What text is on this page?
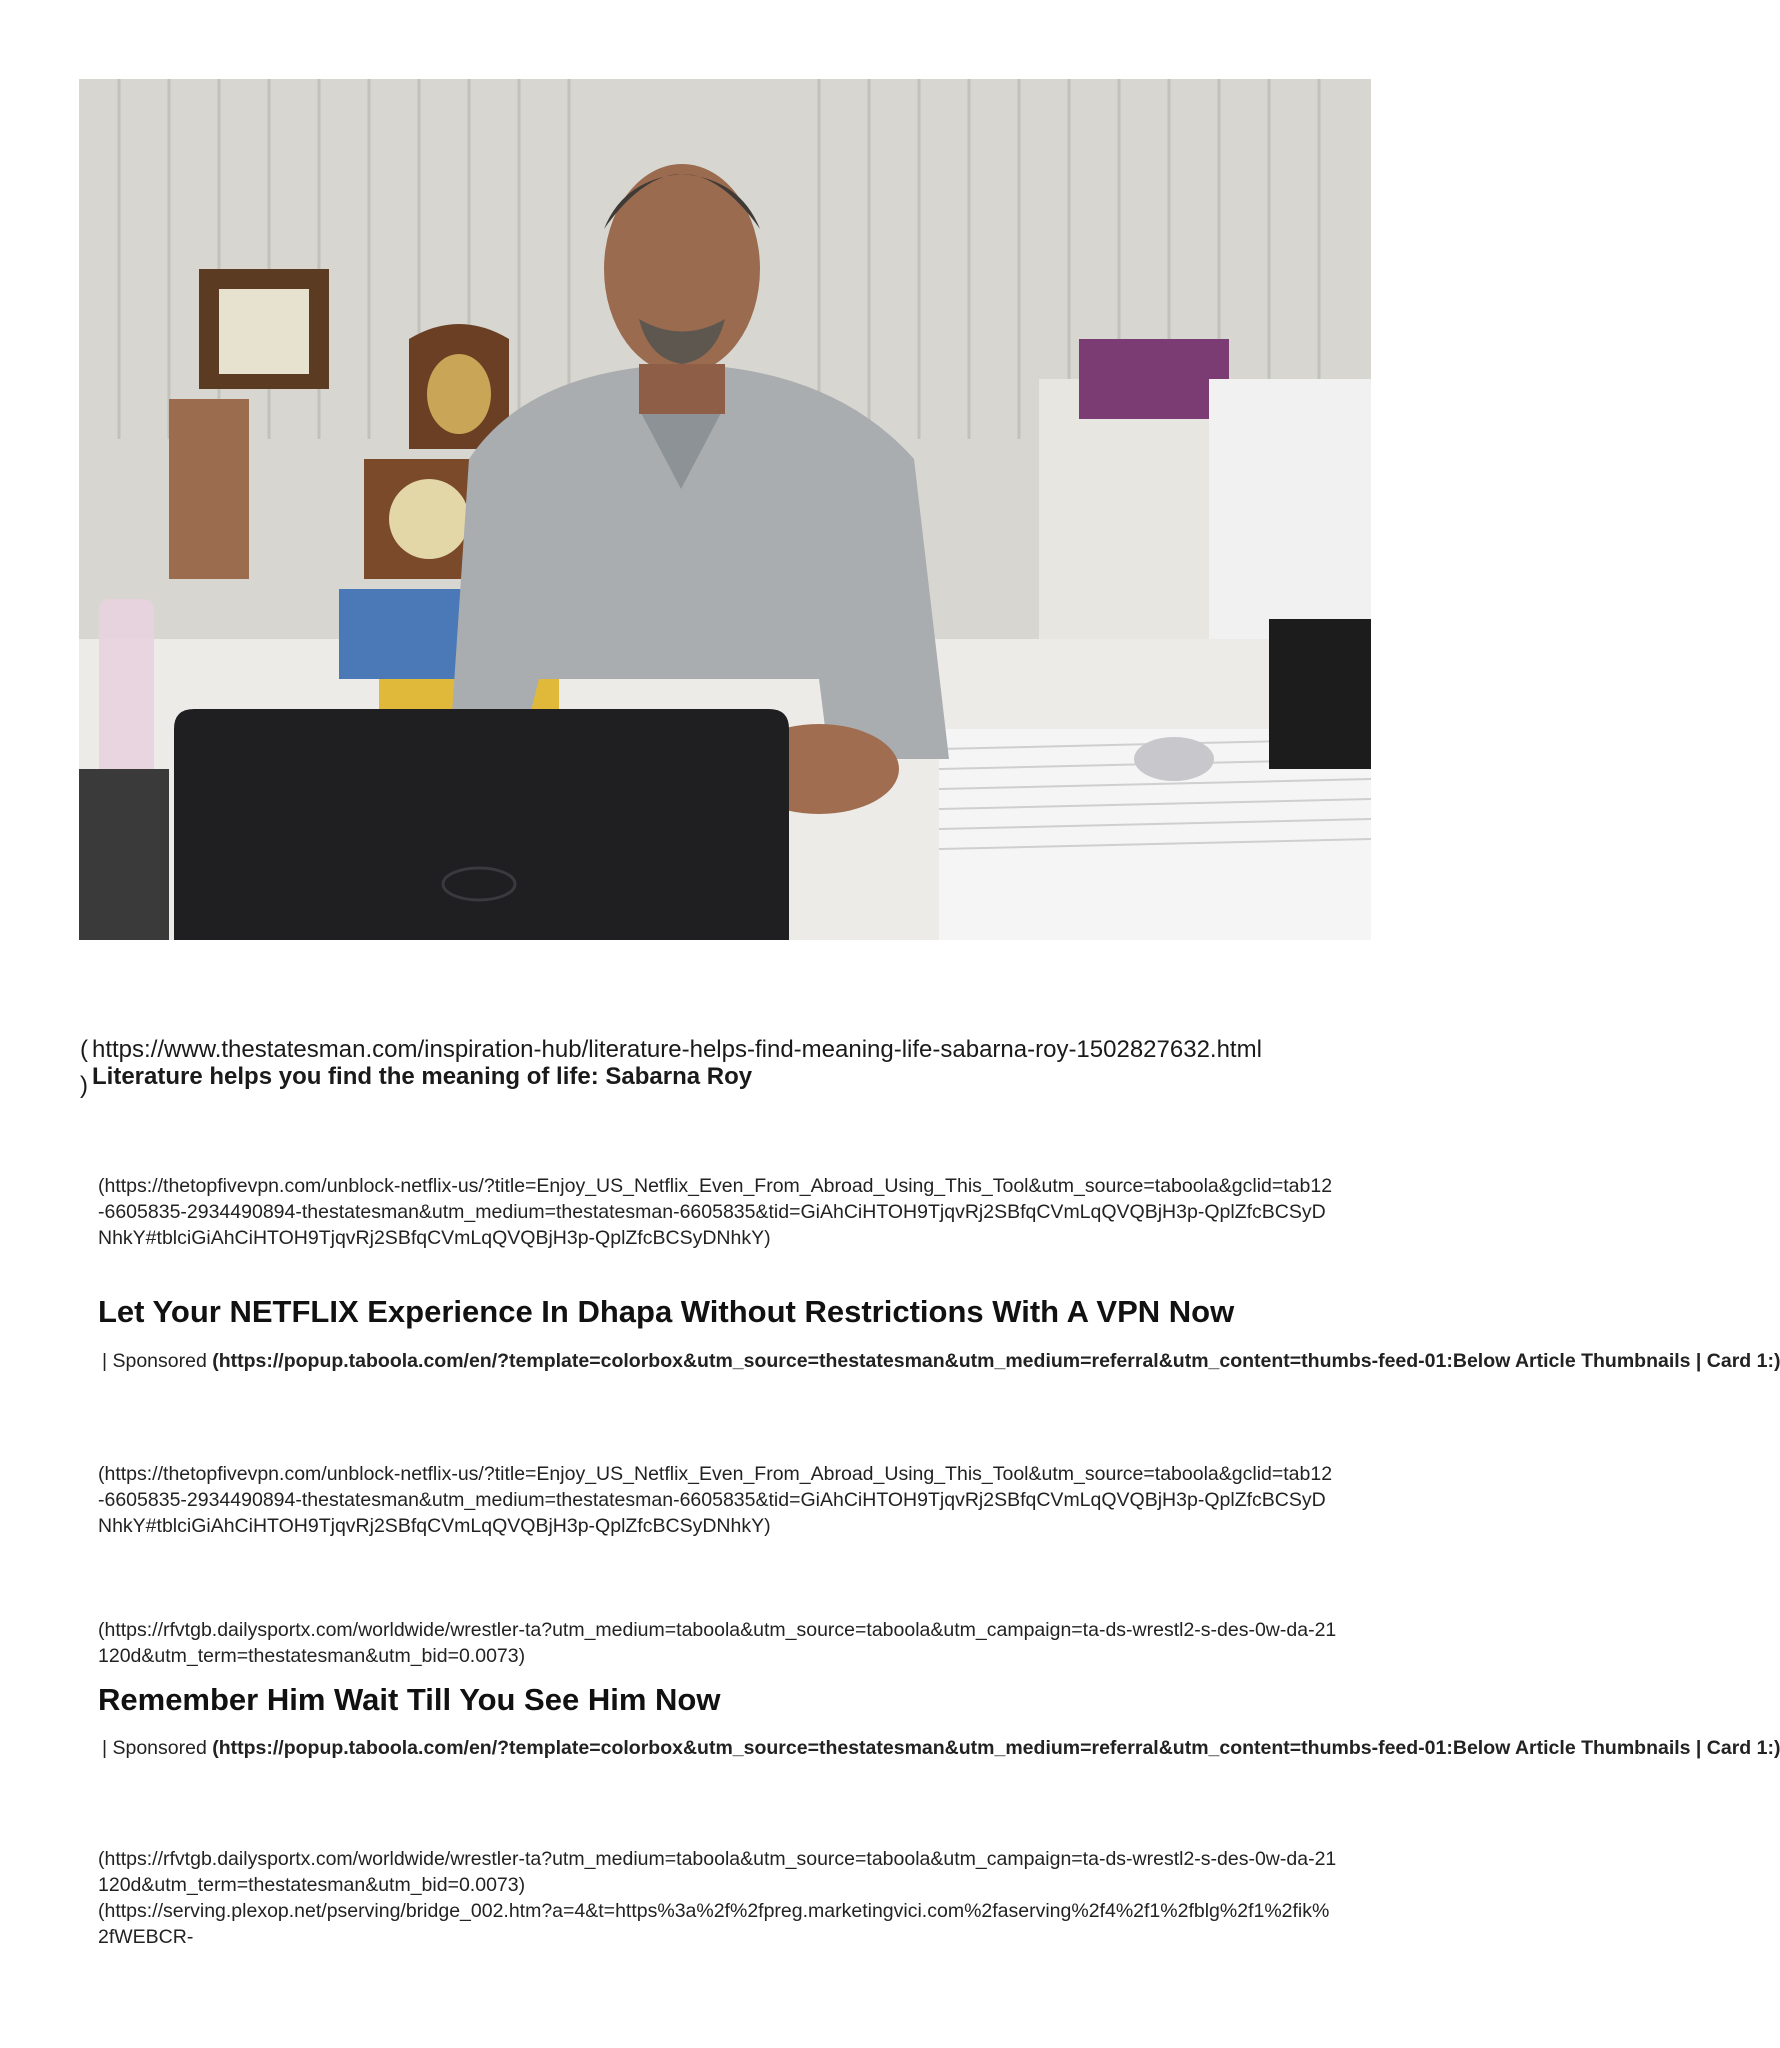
( https://www.thestatesman.com/inspiration-hub/literature-helps-find-meaning-life-sabarna-roy-1502827632.html
) Literature helps you find the meaning of life: Sabarna Roy

(https://thetopfivevpn.com/unblock-netflix-us/?title=Enjoy_US_Netflix_Even_From_Abroad_Using_This_Tool&utm_source=taboola&gclid=tab12-6605835-2934490894-thestatesman&utm_medium=thestatesman-6605835&tid=GiAhCiHTOH9TjqvRj2SBfqCVmLqQVQBjH3p-QplZfcBCSyDNhkY#tblciGiAhCiHTOH9TjqvRj2SBfqCVmLqQVQBjH3p-QplZfcBCSyDNhkY)

Let Your NETFLIX Experience In Dhapa Without Restrictions With A VPN Now
| Sponsored (https://popup.taboola.com/en/?template=colorbox&utm_source=thestatesman&utm_medium=referral&utm_content=thumbs-feed-01:Below Article Thumbnails | Card 1:)

(https://thetopfivevpn.com/unblock-netflix-us/?title=Enjoy_US_Netflix_Even_From_Abroad_Using_This_Tool&utm_source=taboola&gclid=tab12-6605835-2934490894-thestatesman&utm_medium=thestatesman-6605835&tid=GiAhCiHTOH9TjqvRj2SBfqCVmLqQVQBjH3p-QplZfcBCSyDNhkY#tblciGiAhCiHTOH9TjqvRj2SBfqCVmLqQVQBjH3p-QplZfcBCSyDNhkY)

(https://rfvtgb.dailysportx.com/worldwide/wrestler-ta?utm_medium=taboola&utm_source=taboola&utm_campaign=ta-ds-wrestl2-s-des-0w-da-21120d&utm_term=thestatesman&utm_bid=0.0073)

Remember Him Wait Till You See Him Now
| Sponsored (https://popup.taboola.com/en/?template=colorbox&utm_source=thestatesman&utm_medium=referral&utm_content=thumbs-feed-01:Below Article Thumbnails | Card 1:)

(https://rfvtgb.dailysportx.com/worldwide/wrestler-ta?utm_medium=taboola&utm_source=taboola&utm_campaign=ta-ds-wrestl2-s-des-0w-da-21120d&utm_term=thestatesman&utm_bid=0.0073)

(https://serving.plexop.net/pserving/bridge_002.htm?a=4&t=https%3a%2f%2fpreg.marketingvici.com%2faserving%2f4%2f1%2fblg%2f1%2fik%2fWEBCR-
